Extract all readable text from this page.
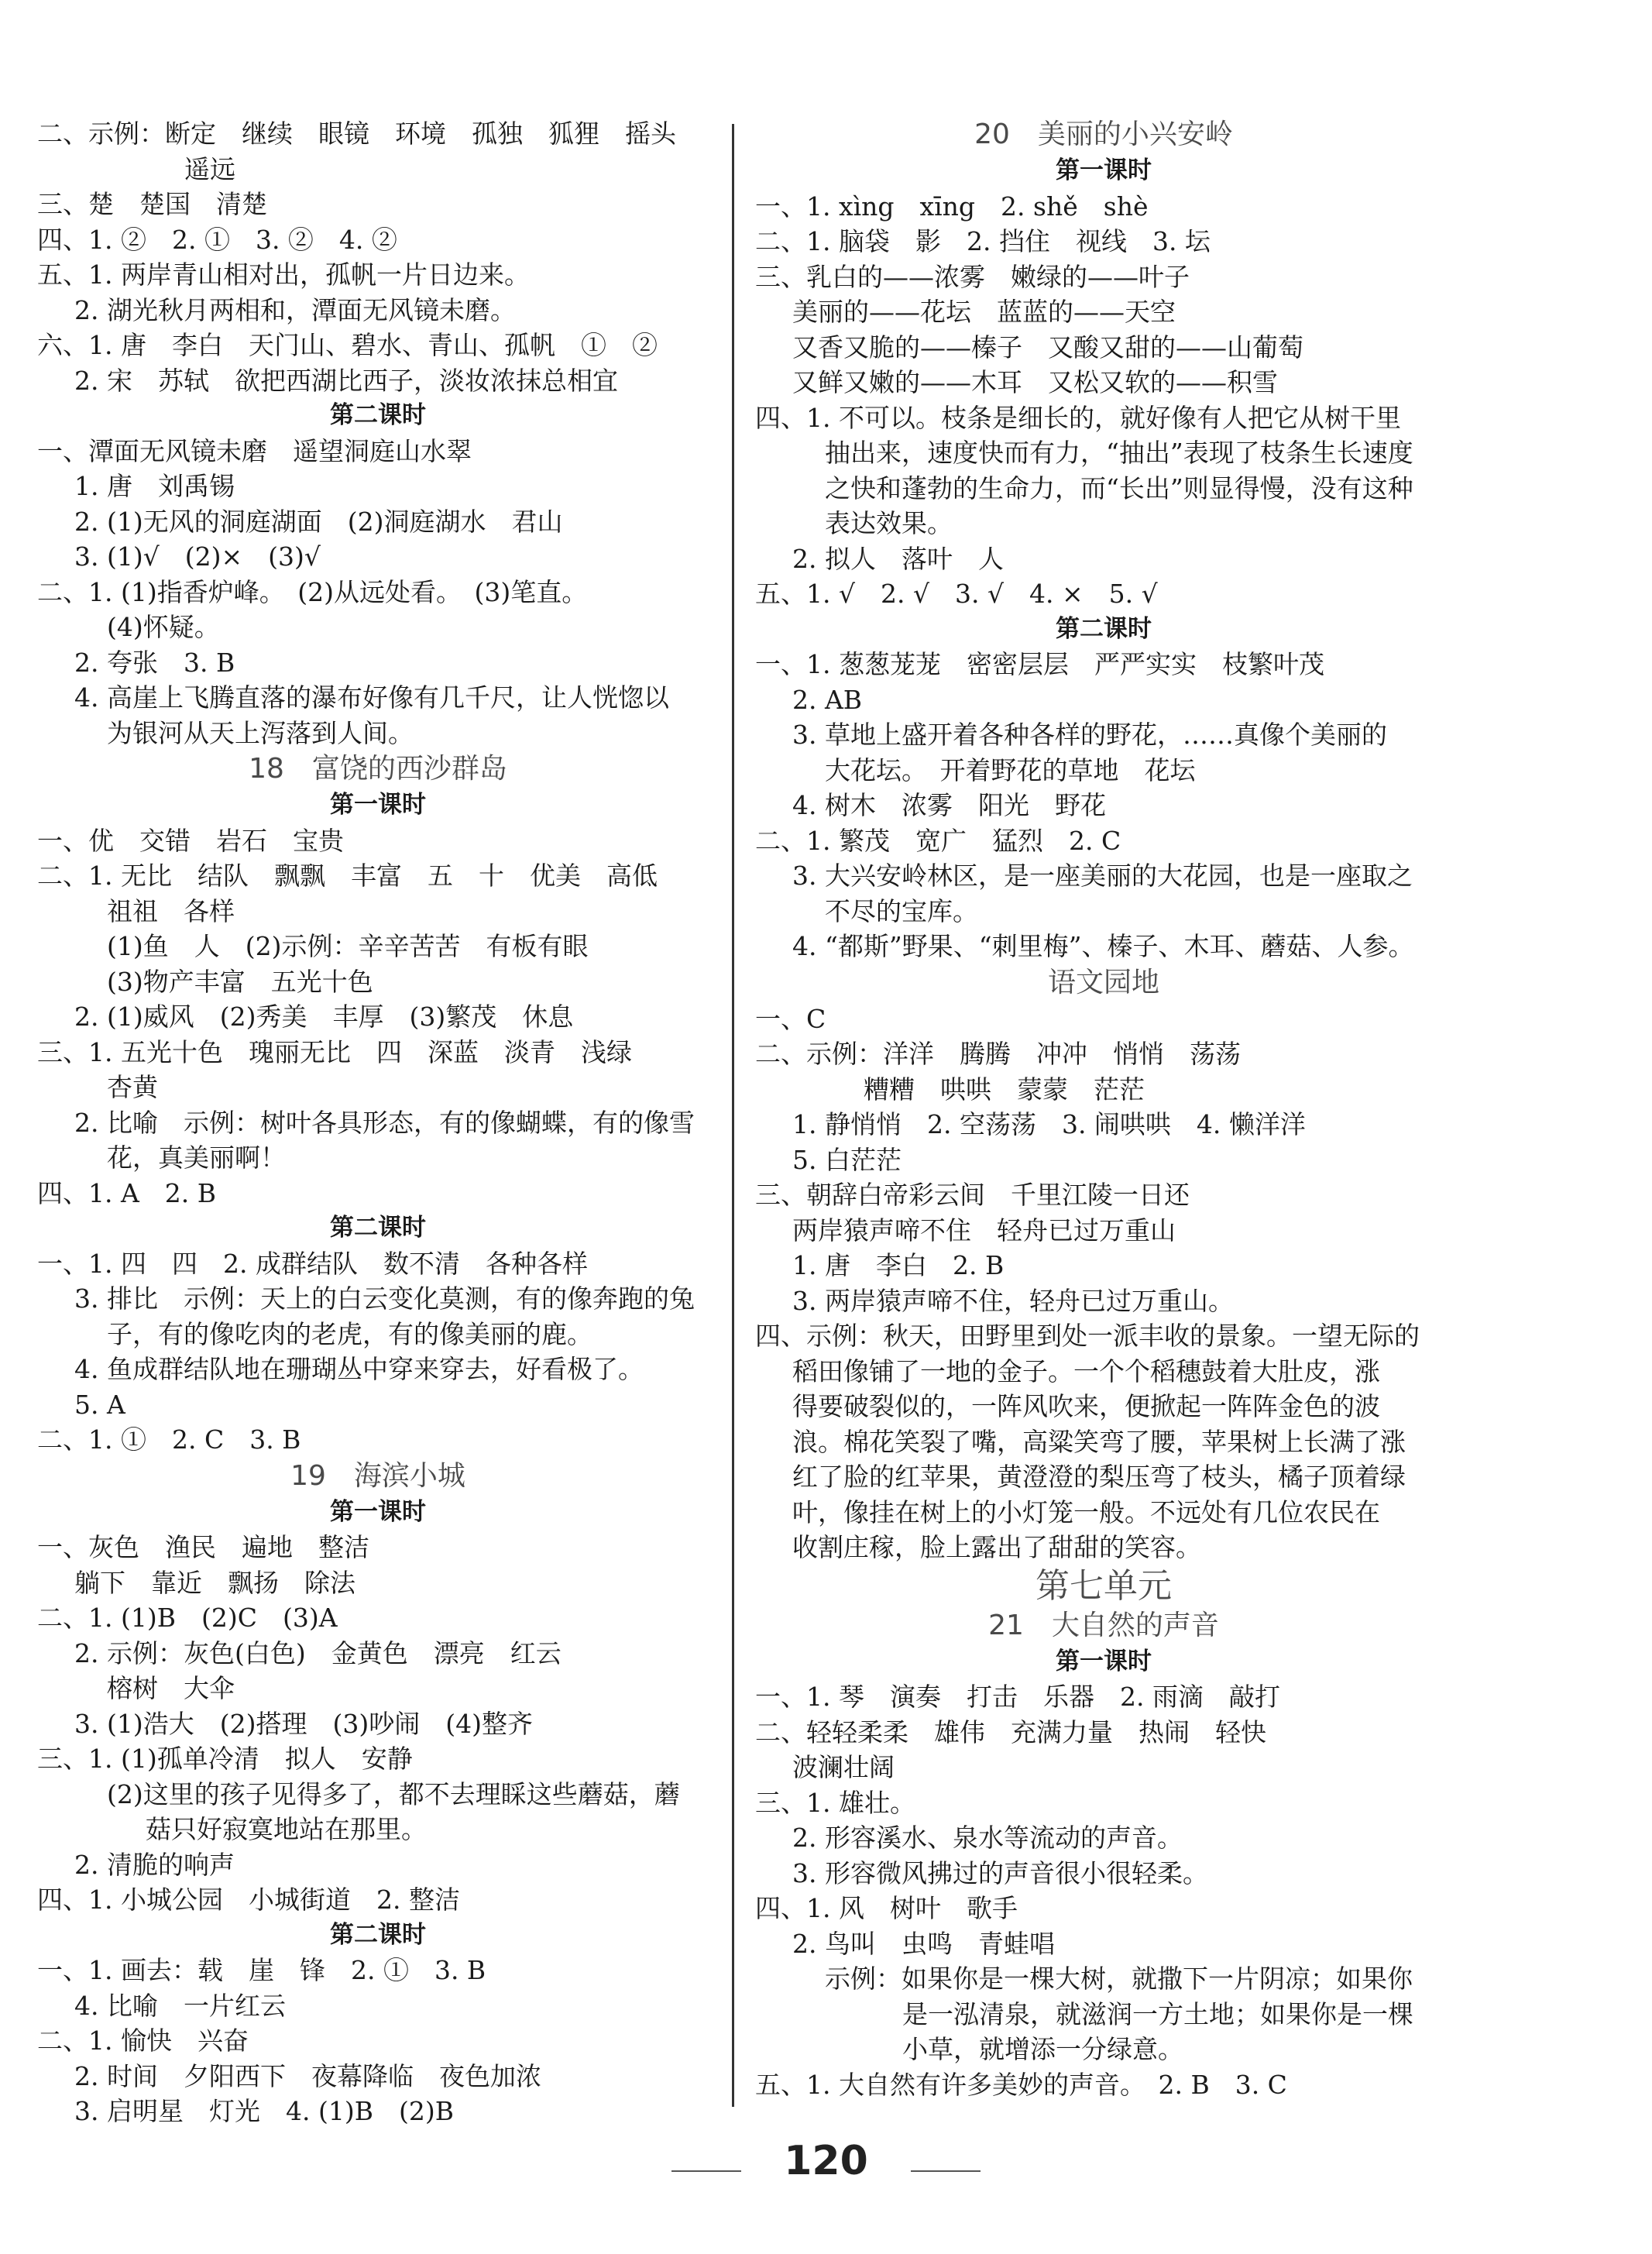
二、示例：断定　继续　眼镜　环境　孤独　狐狸　摇头
遥远
三、楚　楚国　清楚
四、1. ②　2. ①　3. ②　4. ②
五、1. 两岸青山相对出，孤帆一片日边来。
2. 湖光秋月两相和，潭面无风镜未磨。
六、1. 唐　李白　天门山、碧水、青山、孤帆　①　②
2. 宋　苏轼　欲把西湖比西子，淡妆浓抹总相宜
第二课时
一、潭面无风镜未磨　遥望洞庭山水翠
1. 唐　刘禹锡
2. (1)无风的洞庭湖面　(2)洞庭湖水　君山
3. (1)√　(2)×　(3)√
二、1. (1)指香炉峰。　(2)从远处看。　(3)笔直。
(4)怀疑。
2. 夸张　3. B
4. 高崖上飞腾直落的瀑布好像有几千尺，让人恍惚以
为银河从天上泻落到人间。
18　富饶的西沙群岛
第一课时
一、优　交错　岩石　宝贵
二、1. 无比　结队　飘飘　丰富　五　十　优美　高低
祖祖　各样
(1)鱼　人　(2)示例：辛辛苦苦　有板有眼
(3)物产丰富　五光十色
2. (1)威风　(2)秀美　丰厚　(3)繁茂　休息
三、1. 五光十色　瑰丽无比　四　深蓝　淡青　浅绿
杏黄
2. 比喻　示例：树叶各具形态，有的像蝴蝶，有的像雪
花，真美丽啊！
四、1. A　2. B
第二课时
一、1. 四　四　2. 成群结队　数不清　各种各样
3. 排比　示例：天上的白云变化莫测，有的像奔跑的兔
子，有的像吃肉的老虎，有的像美丽的鹿。
4. 鱼成群结队地在珊瑚丛中穿来穿去，好看极了。
5. A
二、1. ①　2. C　3. B
19　海滨小城
第一课时
一、灰色　渔民　遍地　整洁
躺下　靠近　飘扬　除法
二、1. (1)B　(2)C　(3)A
2. 示例：灰色(白色)　金黄色　漂亮　红云
榕树　大伞
3. (1)浩大　(2)搭理　(3)吵闹　(4)整齐
三、1. (1)孤单冷清　拟人　安静
(2)这里的孩子见得多了，都不去理睬这些蘑菇，蘑
菇只好寂寞地站在那里。
2. 清脆的响声
四、1. 小城公园　小城街道　2. 整洁
第二课时
一、1. 画去：载　崖　锋　2. ①　3. B
4. 比喻　一片红云
二、1. 愉快　兴奋
2. 时间　夕阳西下　夜幕降临　夜色加浓
3. 启明星　灯光　4. (1)B　(2)B
20　美丽的小兴安岭
第一课时
一、1. xìng　xīng　2. shě　shè
二、1. 脑袋　影　2. 挡住　视线　3. 坛
三、乳白的——浓雾　嫩绿的——叶子
美丽的——花坛　蓝蓝的——天空
又香又脆的——榛子　又酸又甜的——山葡萄
又鲜又嫩的——木耳　又松又软的——积雪
四、1. 不可以。枝条是细长的，就好像有人把它从树干里
抽出来，速度快而有力，“抽出”表现了枝条生长速度
之快和蓬勃的生命力，而“长出”则显得慢，没有这种
表达效果。
2. 拟人　落叶　人
五、1. √　2. √　3. √　4. ×　5. √
第二课时
一、1. 葱葱茏茏　密密层层　严严实实　枝繁叶茂
2. AB
3. 草地上盛开着各种各样的野花，……真像个美丽的
大花坛。　开着野花的草地　花坛
4. 树木　浓雾　阳光　野花
二、1. 繁茂　宽广　猛烈　2. C
3. 大兴安岭林区，是一座美丽的大花园，也是一座取之
不尽的宝库。
4. “都斯”野果、“刺里梅”、榛子、木耳、蘑菇、人参。
语文园地
一、C
二、示例：洋洋　腾腾　冲冲　悄悄　荡荡
糟糟　哄哄　蒙蒙　茫茫
1. 静悄悄　2. 空荡荡　3. 闹哄哄　4. 懒洋洋
5. 白茫茫
三、朝辞白帝彩云间　千里江陵一日还
两岸猿声啼不住　轻舟已过万重山
1. 唐　李白　2. B
3. 两岸猿声啼不住，轻舟已过万重山。
四、示例：秋天，田野里到处一派丰收的景象。一望无际的
稻田像铺了一地的金子。一个个稻穗鼓着大肚皮，涨
得要破裂似的，一阵风吹来，便掀起一阵阵金色的波
浪。棉花笑裂了嘴，高粱笑弯了腰，苹果树上长满了涨
红了脸的红苹果，黄澄澄的梨压弯了枝头，橘子顶着绿
叶，像挂在树上的小灯笼一般。不远处有几位农民在
收割庄稼，脸上露出了甜甜的笑容。
第七单元
21　大自然的声音
第一课时
一、1. 琴　演奏　打击　乐器　2. 雨滴　敲打
二、轻轻柔柔　雄伟　充满力量　热闹　轻快
波澜壮阔
三、1. 雄壮。
2. 形容溪水、泉水等流动的声音。
3. 形容微风拂过的声音很小很轻柔。
四、1. 风　树叶　歌手
2. 鸟叫　虫鸣　青蛙唱
示例：如果你是一棵大树，就撒下一片阴凉；如果你
是一泓清泉，就滋润一方土地；如果你是一棵
小草，就增添一分绿意。
五、1. 大自然有许多美妙的声音。　2. B　3. C
120
